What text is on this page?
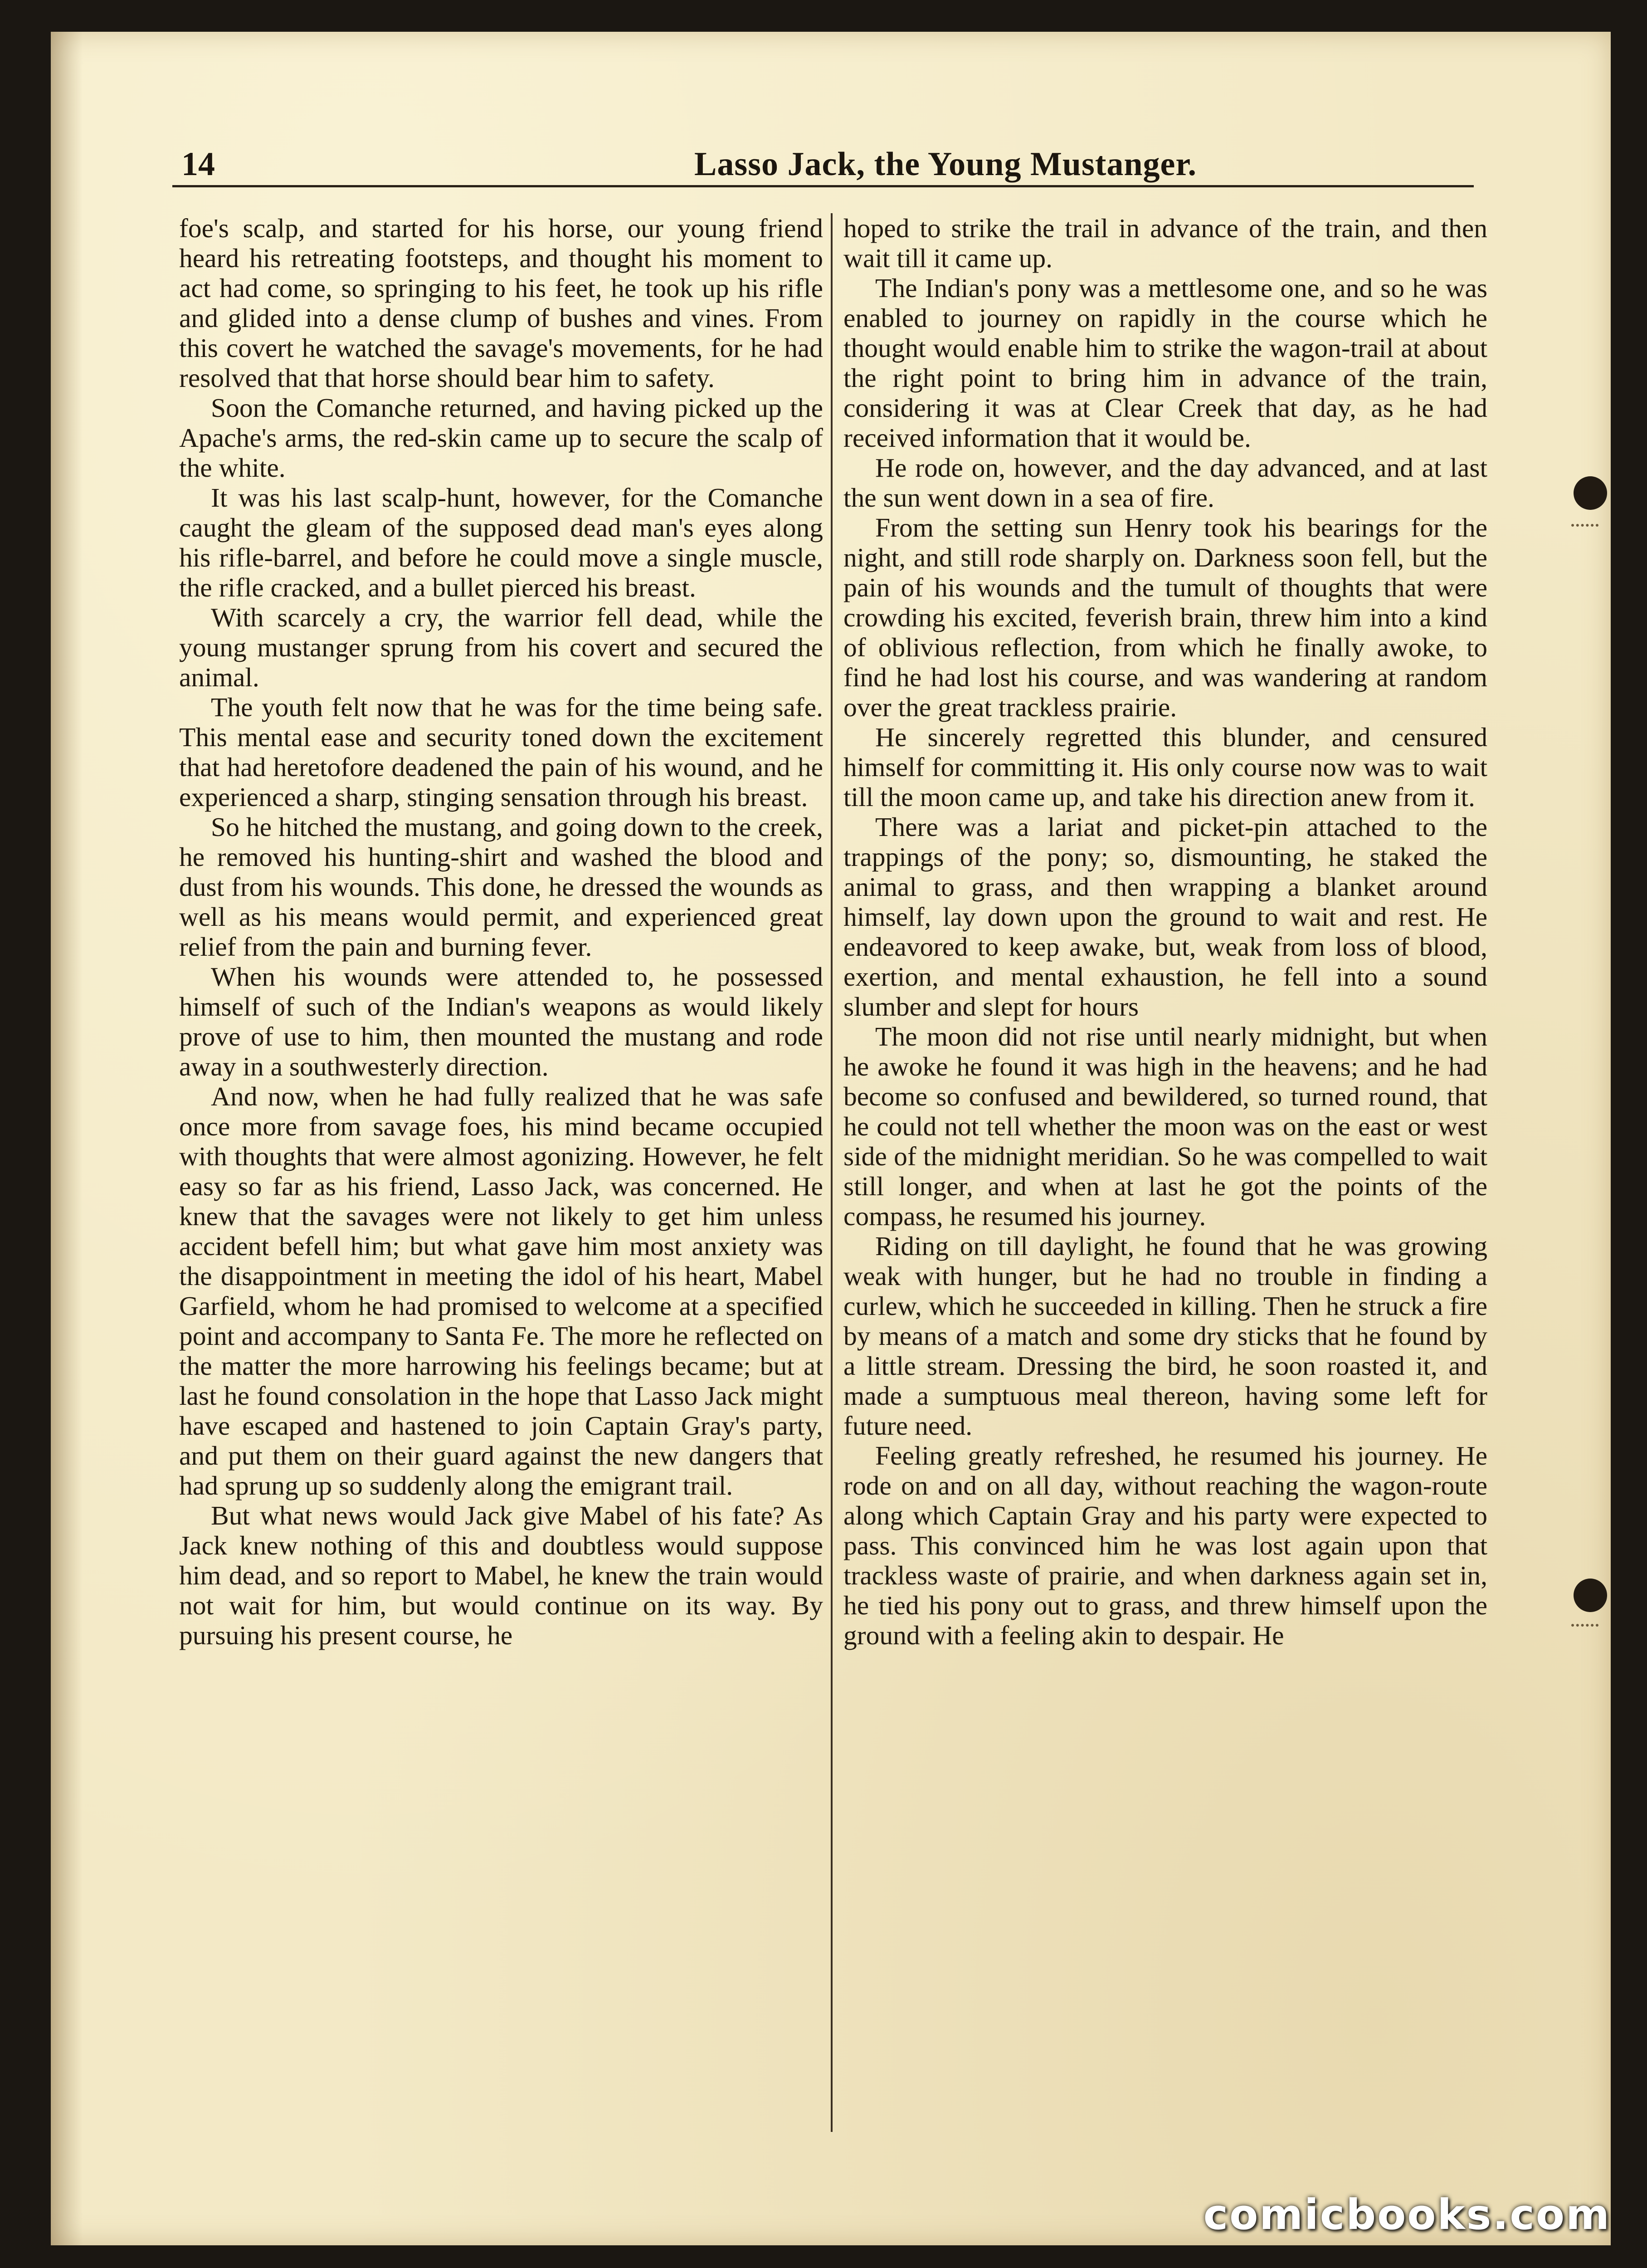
14	Lasso Jack, the Young Mustanger.

foe's scalp, and started for his horse, our young friend heard his retreating footsteps, and thought his moment to act had come, so springing to his feet, he took up his rifle and glided into a dense clump of bushes and vines. From this covert he watched the savage's movements, for he had resolved that that horse should bear him to safety.

Soon the Comanche returned, and having picked up the Apache's arms, the red-skin came up to secure the scalp of the white.

It was his last scalp-hunt, however, for the Comanche caught the gleam of the supposed dead man's eyes along his rifle-barrel, and before he could move a single muscle, the rifle cracked, and a bullet pierced his breast.

With scarcely a cry, the warrior fell dead, while the young mustanger sprung from his covert and secured the animal.

The youth felt now that he was for the time being safe. This mental ease and security toned down the excitement that had heretofore deadened the pain of his wound, and he experienced a sharp, stinging sensation through his breast.

So he hitched the mustang, and going down to the creek, he removed his hunting-shirt and washed the blood and dust from his wounds. This done, he dressed the wounds as well as his means would permit, and experienced great relief from the pain and burning fever.

When his wounds were attended to, he possessed himself of such of the Indian's weapons as would likely prove of use to him, then mounted the mustang and rode away in a southwesterly direction.

And now, when he had fully realized that he was safe once more from savage foes, his mind became occupied with thoughts that were almost agonizing. However, he felt easy so far as his friend, Lasso Jack, was concerned. He knew that the savages were not likely to get him unless accident befell him; but what gave him most anxiety was the disappointment in meeting the idol of his heart, Mabel Garfield, whom he had promised to welcome at a specified point and accompany to Santa Fe. The more he reflected on the matter the more harrowing his feelings became; but at last he found consolation in the hope that Lasso Jack might have escaped and hastened to join Captain Gray's party, and put them on their guard against the new dangers that had sprung up so suddenly along the emigrant trail.

But what news would Jack give Mabel of his fate? As Jack knew nothing of this and doubtless would suppose him dead, and so report to Mabel, he knew the train would not wait for him, but would continue on its way. By pursuing his present course, he

hoped to strike the trail in advance of the train, and then wait till it came up.

The Indian's pony was a mettlesome one, and so he was enabled to journey on rapidly in the course which he thought would enable him to strike the wagon-trail at about the right point to bring him in advance of the train, considering it was at Clear Creek that day, as he had received information that it would be.

He rode on, however, and the day advanced, and at last the sun went down in a sea of fire.

From the setting sun Henry took his bearings for the night, and still rode sharply on. Darkness soon fell, but the pain of his wounds and the tumult of thoughts that were crowding his excited, feverish brain, threw him into a kind of oblivious reflection, from which he finally awoke, to find he had lost his course, and was wandering at random over the great trackless prairie.

He sincerely regretted this blunder, and censured himself for committing it. His only course now was to wait till the moon came up, and take his direction anew from it.

There was a lariat and picket-pin attached to the trappings of the pony; so, dismounting, he staked the animal to grass, and then wrapping a blanket around himself, lay down upon the ground to wait and rest. He endeavored to keep awake, but, weak from loss of blood, exertion, and mental exhaustion, he fell into a sound slumber and slept for hours

The moon did not rise until nearly midnight, but when he awoke he found it was high in the heavens; and he had become so confused and bewildered, so turned round, that he could not tell whether the moon was on the east or west side of the midnight meridian. So he was compelled to wait still longer, and when at last he got the points of the compass, he resumed his journey.

Riding on till daylight, he found that he was growing weak with hunger, but he had no trouble in finding a curlew, which he succeeded in killing. Then he struck a fire by means of a match and some dry sticks that he found by a little stream. Dressing the bird, he soon roasted it, and made a sumptuous meal thereon, having some left for future need.

Feeling greatly refreshed, he resumed his journey. He rode on and on all day, without reaching the wagon-route along which Captain Gray and his party were expected to pass. This convinced him he was lost again upon that trackless waste of prairie, and when darkness again set in, he tied his pony out to grass, and threw himself upon the ground with a feeling akin to despair. He

comicbooks.com
